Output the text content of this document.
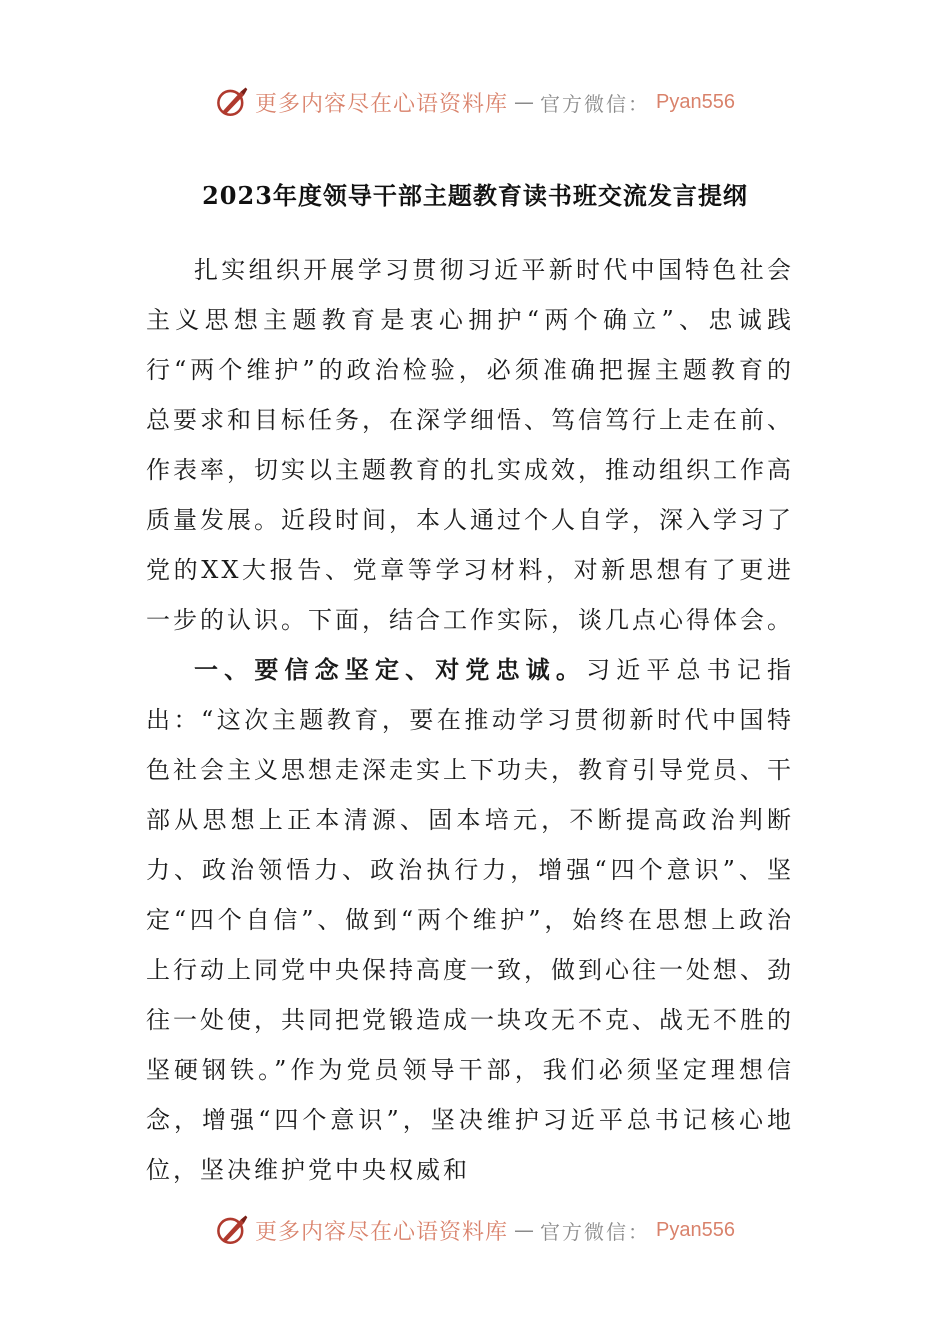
更多内容尽在心语资料库 — 官方微信： Pyan556
2023年度领导干部主题教育读书班交流发言提纲

扎实组织开展学习贯彻习近平新时代中国特色社会主义思想主题教育是衷心拥护“两个确立”、忠诚践行“两个维护”的政治检验，必须准确把握主题教育的总要求和目标任务，在深学细悟、笃信笃行上走在前、作表率，切实以主题教育的扎实成效，推动组织工作高质量发展。近段时间，本人通过个人自学，深入学习了党的XX大报告、党章等学习材料，对新思想有了更进一步的认识。下面，结合工作实际，谈几点心得体会。

一、要信念坚定、对党忠诚。习近平总书记指出：“这次主题教育，要在推动学习贯彻新时代中国特色社会主义思想走深走实上下功夫，教育引导党员、干部从思想上正本清源、固本培元，不断提高政治判断力、政治领悟力、政治执行力，增强“四个意识”、坚定“四个自信”、做到“两个维护”，始终在思想上政治上行动上同党中央保持高度一致，做到心往一处想、劲往一处使，共同把党锻造成一块攻无不克、战无不胜的坚硬钢铁。”作为党员领导干部，我们必须坚定理想信念，增强“四个意识”，坚决维护习近平总书记核心地位，坚决维护党中央权威和

更多内容尽在心语资料库 — 官方微信： Pyan556
